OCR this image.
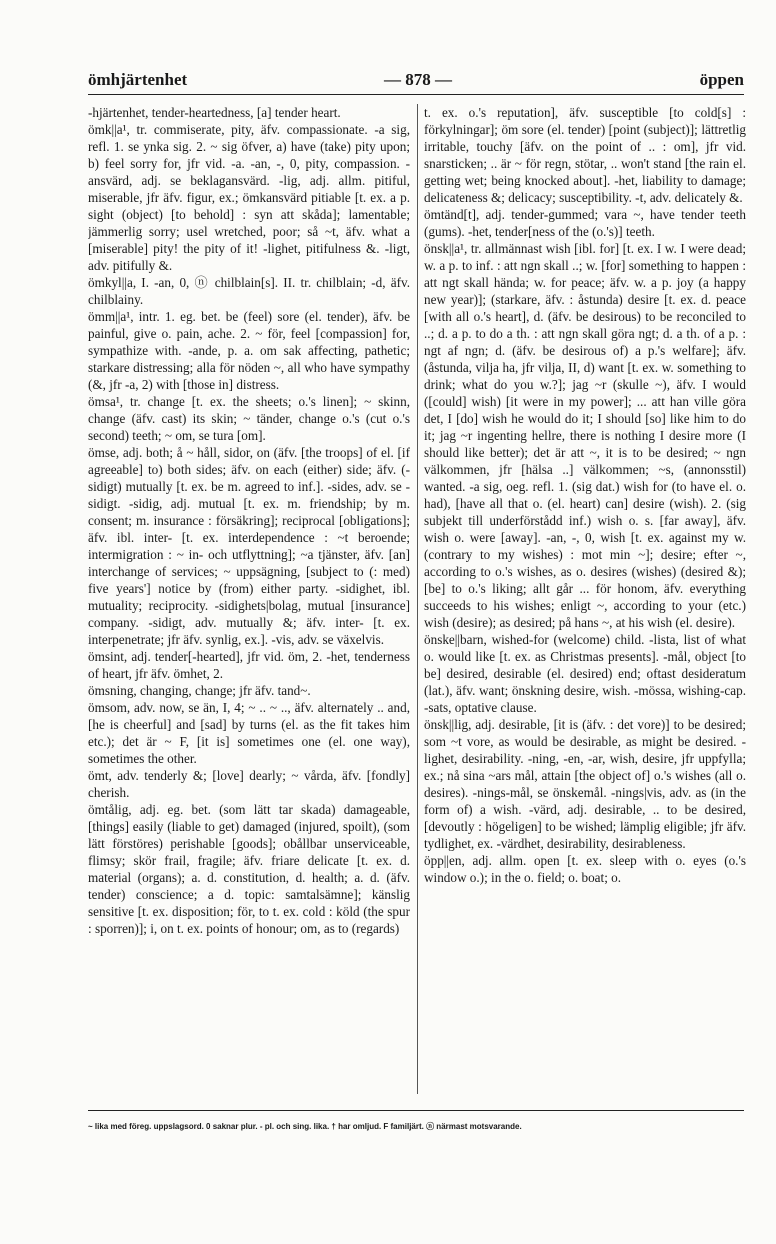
ömhjärtenhet	— 878 —	öppen

-hjärtenhet, tender-heartedness, [a] tender heart.

ömk||a¹, tr. commiserate, pity, äfv. compassionate. -a sig, refl. 1. se ynka sig. 2. ~ sig öfver, a) have (take) pity upon; b) feel sorry for, jfr vid. -a. -an, -, 0, pity, compassion. -ansvärd, adj. se beklagansvärd. -lig, adj. allm. pitiful, miserable, jfr äfv. figur, ex.; ömkansvärd pitiable [t. ex. a p. sight (object) [to behold] : syn att skåda]; lamentable; jämmerlig sorry; usel wretched, poor; så ~t, äfv. what a [miserable] pity! the pity of it! -lighet, pitifulness &. -ligt, adv. pitifully &.

ömkyl||a, I. -an, 0, ⓝ chilblain[s]. II. tr. chilblain; -d, äfv. chilblainy.

ömm||a¹, intr. 1. eg. bet. be (feel) sore (el. tender), äfv. be painful, give o. pain, ache. 2. ~ för, feel [compassion] for, sympathize with. -ande, p. a. om sak affecting, pathetic; starkare distressing; alla för nöden ~, all who have sympathy (&, jfr -a, 2) with [those in] distress.

ömsa¹, tr. change [t. ex. the sheets; o.'s linen]; ~ skinn, change (äfv. cast) its skin; ~ tänder, change o.'s (cut o.'s second) teeth; ~ om, se tura [om].

ömse, adj. both; å ~ håll, sidor, on (äfv. [the troops] of el. [if agreeable] to) both sides; äfv. on each (either) side; äfv. (-sidigt) mutually [t. ex. be m. agreed to inf.]. -sides, adv. se -sidigt. -sidig, adj. mutual [t. ex. m. friendship; by m. consent; m. insurance : försäkring]; reciprocal [obligations]; äfv. ibl. inter- [t. ex. interdependence : ~t beroende; intermigration : ~ in- och utflyttning]; ~a tjänster, äfv. [an] interchange of services; ~ uppsägning, [subject to (: med) five years'] notice by (from) either party. -sidighet, ibl. mutuality; reciprocity. -sidighets|bolag, mutual [insurance] company. -sidigt, adv. mutually &; äfv. inter- [t. ex. interpenetrate; jfr äfv. synlig, ex.]. -vis, adv. se växelvis.

ömsint, adj. tender[-hearted], jfr vid. öm, 2. -het, tenderness of heart, jfr äfv. ömhet, 2.

ömsning, changing, change; jfr äfv. tand~.

ömsom, adv. now, se än, I, 4; ~ .. ~ .., äfv. alternately .. and, [he is cheerful] and [sad] by turns (el. as the fit takes him etc.); det är ~ F, [it is] sometimes one (el. one way), sometimes the other.

ömt, adv. tenderly &; [love] dearly; ~ vårda, äfv. [fondly] cherish.

ömtålig, adj. eg. bet. (som lätt tar skada) damageable, [things] easily (liable to get) damaged (injured, spoilt), (som lätt förstöres) perishable [goods]; obållbar unserviceable, flimsy; skör frail, fragile; äfv. friare delicate [t. ex. d. material (organs); a. d. constitution, d. health; a. d. (äfv. tender) conscience; a d. topic: samtalsämne]; känslig sensitive [t. ex. disposition; för, to t. ex. cold : köld (the spur : sporren)]; i, on t. ex. points of honour; om, as to (regards)

t. ex. o.'s reputation], äfv. susceptible [to cold[s] : förkylningar]; öm sore (el. tender) [point (subject)]; lättretlig irritable, touchy [äfv. on the point of .. : om], jfr vid. snarsticken; .. är ~ för regn, stötar, .. won't stand [the rain el. getting wet; being knocked about]. -het, liability to damage; delicateness &; delicacy; susceptibility. -t, adv. delicately &.

ömtänd[t], adj. tender-gummed; vara ~, have tender teeth (gums). -het, tender[ness of the (o.'s)] teeth.

önsk||a¹, tr. allmännast wish [ibl. for] [t. ex. I w. I were dead; w. a p. to inf. : att ngn skall ..; w. [for] something to happen : att ngt skall hända; w. for peace; äfv. w. a p. joy (a happy new year)]; (starkare, äfv. : åstunda) desire [t. ex. d. peace [with all o.'s heart], d. (äfv. be desirous) to be reconciled to ..; d. a p. to do a th. : att ngn skall göra ngt; d. a th. of a p. : ngt af ngn; d. (äfv. be desirous of) a p.'s welfare]; äfv. (åstunda, vilja ha, jfr vilja, II, d) want [t. ex. w. something to drink; what do you w.?]; jag ~r (skulle ~), äfv. I would ([could] wish) [it were in my power]; ... att han ville göra det, I [do] wish he would do it; I should [so] like him to do it; jag ~r ingenting hellre, there is nothing I desire more (I should like better); det är att ~, it is to be desired; ~ ngn välkommen, jfr [hälsa ..] välkommen; ~s, (annonsstil) wanted. -a sig, oeg. refl. 1. (sig dat.) wish for (to have el. o. had), [have all that o. (el. heart) can] desire (wish). 2. (sig subjekt till underförstådd inf.) wish o. s. [far away], äfv. wish o. were [away]. -an, -, 0, wish [t. ex. against my w. (contrary to my wishes) : mot min ~]; desire; efter ~, according to o.'s wishes, as o. desires (wishes) (desired &); [be] to o.'s liking; allt går ... för honom, äfv. everything succeeds to his wishes; enligt ~, according to your (etc.) wish (desire); as desired; på hans ~, at his wish (el. desire).

önske||barn, wished-for (welcome) child. -lista, list of what o. would like [t. ex. as Christmas presents]. -mål, object [to be] desired, desirable (el. desired) end; oftast desideratum (lat.), äfv. want; önskning desire, wish. -mössa, wishing-cap. -sats, optative clause.

önsk||lig, adj. desirable, [it is (äfv. : det vore)] to be desired; som ~t vore, as would be desirable, as might be desired. -lighet, desirability. -ning, -en, -ar, wish, desire, jfr uppfylla; ex.; nå sina ~ars mål, attain [the object of] o.'s wishes (all o. desires). -nings-mål, se önskemål. -nings|vis, adv. as (in the form of) a wish. -värd, adj. desirable, .. to be desired, [devoutly : högeligen] to be wished; lämplig eligible; jfr äfv. tydlighet, ex. -värdhet, desirability, desirableness.

öpp||en, adj. allm. open [t. ex. sleep with o. eyes (o.'s window o.); in the o. field; o. boat; o.

~ lika med föreg. uppslagsord. 0 saknar plur. - pl. och sing. lika. † har omljud. F familjärt. ⓝ närmast motsvarande.
